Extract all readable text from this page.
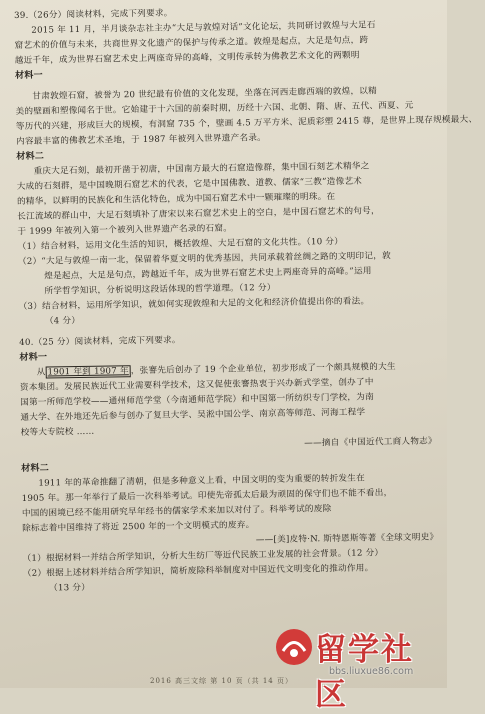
39.（26分）阅读材料，完成下列要求。
2015 年 11 月，半月谈杂志社主办“大足与敦煌对话”文化论坛，共同研讨敦煌与大足石
窟艺术的价值与未来，共商世界文化遗产的保护与传承之道。敦煌是起点，大足是句点，跨
越近千年，成为世界石窟艺术史上两座奇异的高峰，文明传承转为佛教艺术文化的两颗明
材料一
甘肃敦煌石窟，被誉为 20 世纪最有价值的文化发现，坐落在河西走廊西端的敦煌，以精
美的壁画和塑像闻名于世。它始建于十六国的前秦时期，历经十六国、北朝、隋、唐、五代、西夏、元
等历代的兴建，形成巨大的规模，有洞窟 735 个，壁画 4.5 万平方米、泥质彩塑 2415 尊，是世界上现存规模最大、
内容最丰富的佛教艺术圣地，于 1987 年被列入世界遗产名录。
材料二
重庆大足石刻，最初开凿于初唐，中国南方最大的石窟造像群，集中国石刻艺术精华之
大成的石刻群，是中国晚期石窟艺术的代表，它是中国佛教、道教、儒家“三教”造像艺术
的精华，以鲜明的民族化和生活化特色，成为中国石窟艺术中一颗璀璨的明珠。在
长江流域的群山中，大足石刻填补了唐宋以来石窟艺术史上的空白，是中国石窟艺术的句号，
于 1999 年被列入第一个被列入世界遗产名录的石窟。
（1）结合材料，运用文化生活的知识，概括敦煌、大足石窟的文化共性。（10 分）
（2）“大足与敦煌一南一北，保留着华夏文明的优秀基因，共同承载着丝绸之路的文明印记，敦
煌是起点，大足是句点，跨越近千年，成为世界石窟艺术史上两座奇异的高峰。”运用
所学哲学知识，分析说明这段话体现的哲学道理。（12 分）
（3）结合材料，运用所学知识，就如何实现敦煌和大足的文化和经济价值提出你的看法。
（4 分）
40.（25 分）阅读材料，完成下列要求。
材料一
从 1901 年到 1907 年 ，张謇先后创办了 19 个企业单位，初步形成了一个颇具规模的大生
资本集团。发展民族近代工业需要科学技术，这又促使张謇热衷于兴办新式学堂，创办了中
国第一所师范学校——通州师范学堂（今南通师范学院）和中国第一所纺织专门学校，为南
通大学、在外地还先后参与创办了复旦大学、吴淞中国公学、南京高等师范、河海工程学
校等大专院校 ……
——摘自《中国近代工商人物志》
材料二
1911 年的革命推翻了清朝，但是多种意义上看，中国文明的变为重要的转折发生在
1905 年。那一年举行了最后一次科举考试。印使先帝孤太后最为顽固的保守们也不能不看出，
中国的困境已经不能用研究早年经书的儒家学术来加以对付了。科举考试的废除
除标志着中国维持了将近 2500 年的一个文明模式的废弃。
——[美]皮特·N. 斯特恩斯等著《全球文明史》
（1）根据材料一并结合所学知识，分析大生纺厂等近代民族工业发展的社会背景。（12 分）
（2）根据上述材料并结合所学知识，简析废除科举制度对中国近代文明变化的推动作用。
（13 分）
2016 高三文综 第 10 页（共 14 页）
留学社区
bbs.liuxue86.com
